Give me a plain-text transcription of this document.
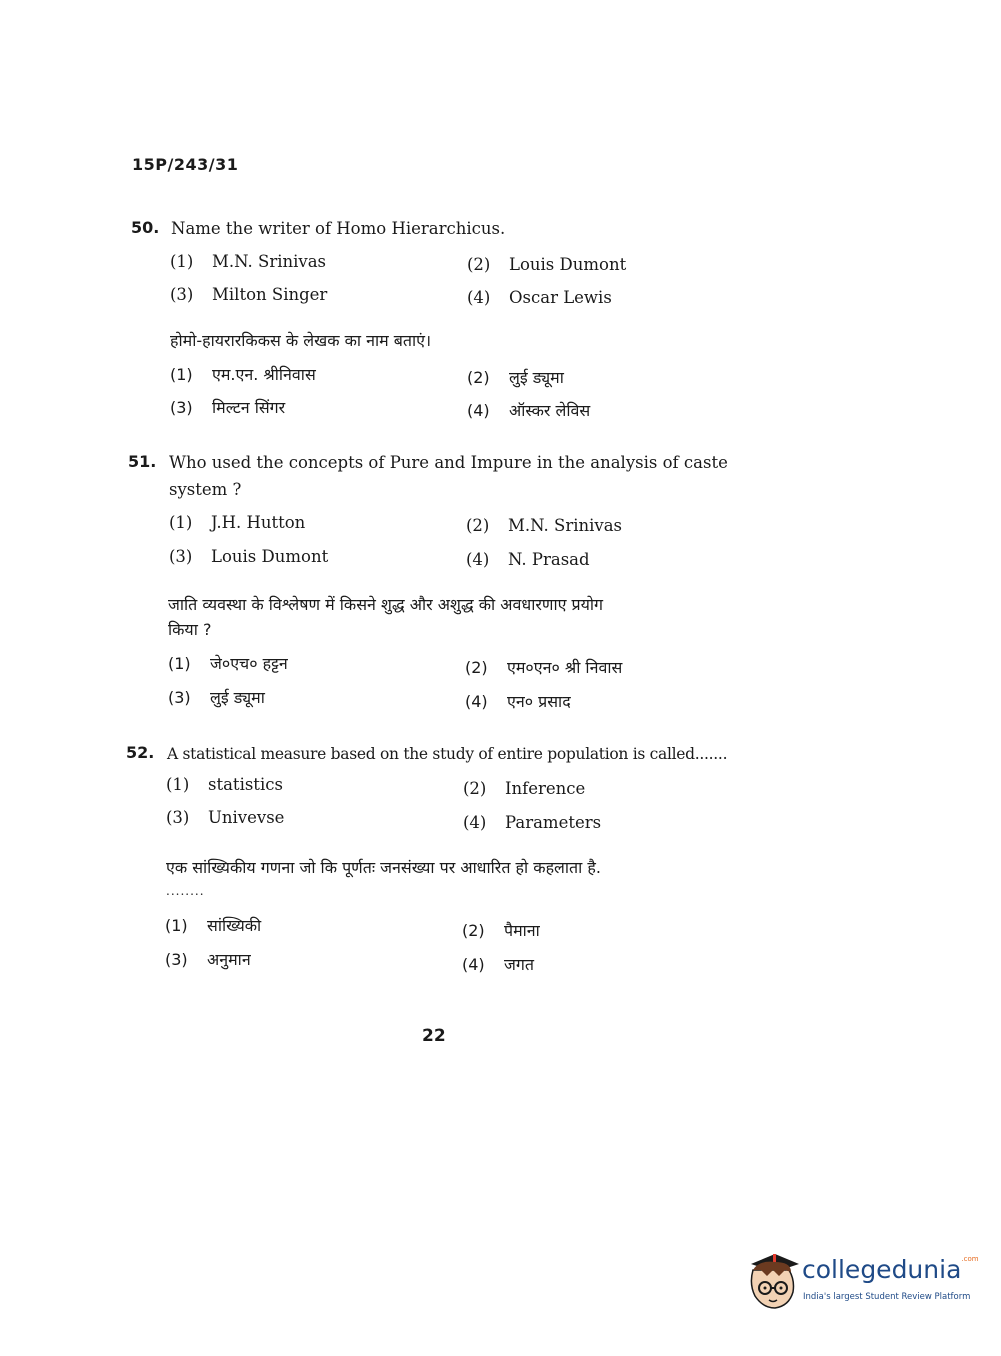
15P/243/31
50. Name the writer of Homo Hierarchicus.
(1) M.N. Srinivas	(2) Louis Dumont
(3) Milton Singer	(4) Oscar Lewis
होमो-हायरारकिकस के लेखक का नाम बताएं।
(1) एम.एन. श्रीनिवास	(2) लुई ड्यूमा
(3) मिल्टन सिंगर	(4) ऑस्कर लेविस
51. Who used the concepts of Pure and Impure in the analysis of caste
system ?
(1) J.H. Hutton	(2) M.N. Srinivas
(3) Louis Dumont	(4) N. Prasad
जाति व्यवस्था के विश्लेषण में किसने शुद्ध और अशुद्ध की अवधारणाए प्रयोग
किया ?
(1) जे०एच० हट्टन	(2) एम०एन० श्री निवास
(3) लुई ड्यूमा	(4) एन० प्रसाद
52. A statistical measure based on the study of entire population is called.......
(1) statistics	(2) Inference
(3) Univevse	(4) Parameters
एक सांख्यिकीय गणना जो कि पूर्णतः जनसंख्या पर आधारित हो कहलाता है.
........
(1) सांख्यिकी	(2) पैमाना
(3) अनुमान	(4) जगत
22
collegedunia$^{.com}$
India's largest Student Review Platform
